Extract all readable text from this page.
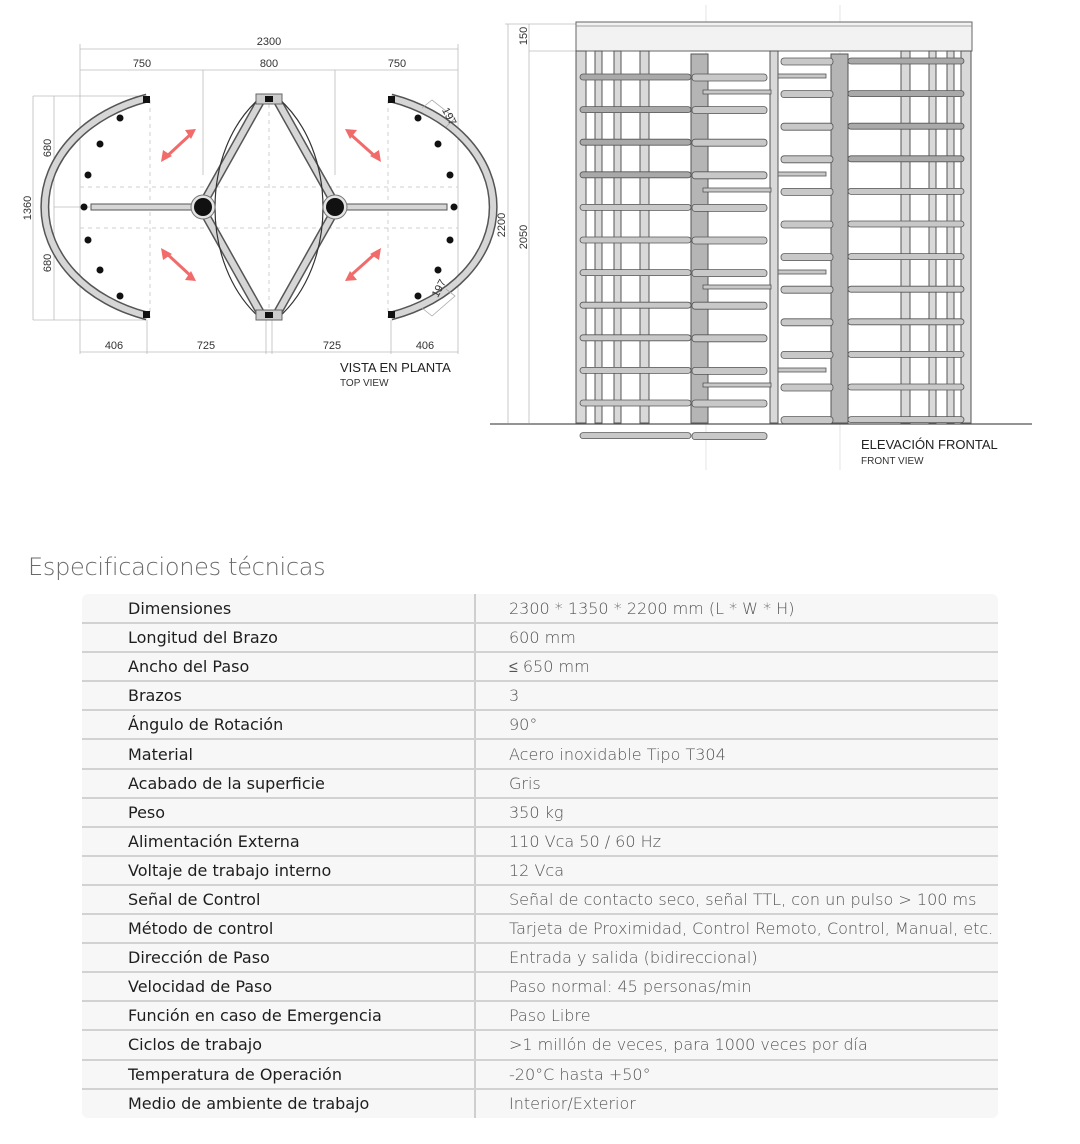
2300
750	800	750
1360
680
680
406	725	725	406
197
197
VISTA EN PLANTA
TOP VIEW
150
2200 2050
ELEVACIÓN FRONTAL
FRONT VIEW
Especificaciones técnicas
Dimensiones	2300 * 1350 * 2200 mm (L * W * H)
Longitud del Brazo	600 mm
Ancho del Paso	≤ 650 mm
Brazos	3
Ángulo de Rotación	90°
Material	Acero inoxidable Tipo T304
Acabado de la superficie	Gris
Peso	350 kg
Alimentación Externa	110 Vca 50 / 60 Hz
Voltaje de trabajo interno	12 Vca
Señal de Control	Señal de contacto seco, señal TTL, con un pulso > 100 ms
Método de control	Tarjeta de Proximidad, Control Remoto, Control, Manual, etc.
Dirección de Paso	Entrada y salida (bidireccional)
Velocidad de Paso	Paso normal: 45 personas/min
Función en caso de Emergencia	Paso Libre
Ciclos de trabajo	>1 millón de veces, para 1000 veces por día
Temperatura de Operación	-20°C hasta +50°
Medio de ambiente de trabajo	Interior/Exterior
